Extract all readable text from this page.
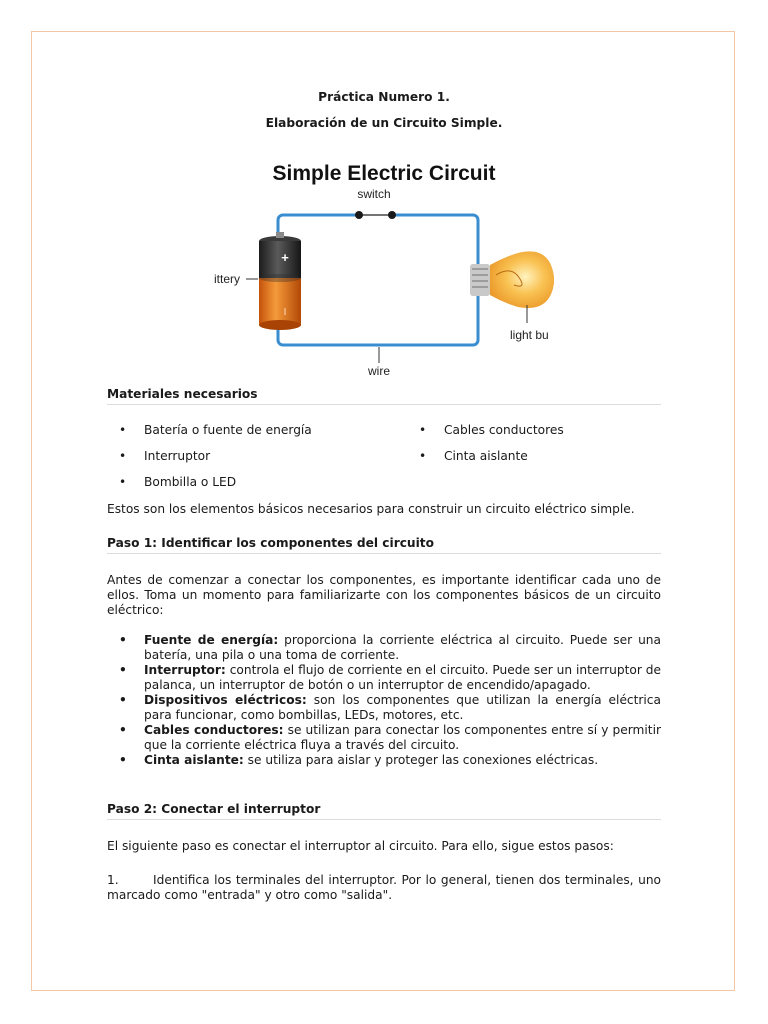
Práctica Numero 1.
Elaboración de un Circuito Simple.
Simple Electric Circuit
switch
+
I
ittery
light bu
wire
Materiales necesarios
• Batería o fuente de energía	• Cables conductores
• Interruptor	• Cinta aislante
• Bombilla o LED
Estos son los elementos básicos necesarios para construir un circuito eléctrico simple.
Paso 1: Identificar los componentes del circuito
Antes de comenzar a conectar los componentes, es importante identificar cada uno de ellos. Toma un momento para familiarizarte con los componentes básicos de un circuito eléctrico:
• Fuente de energía: proporciona la corriente eléctrica al circuito. Puede ser una batería, una pila o una toma de corriente.
• Interruptor: controla el flujo de corriente en el circuito. Puede ser un interruptor de palanca, un interruptor de botón o un interruptor de encendido/apagado.
• Dispositivos eléctricos: son los componentes que utilizan la energía eléctrica para funcionar, como bombillas, LEDs, motores, etc.
• Cables conductores: se utilizan para conectar los componentes entre sí y permitir que la corriente eléctrica fluya a través del circuito.
• Cinta aislante: se utiliza para aislar y proteger las conexiones eléctricas.
Paso 2: Conectar el interruptor
El siguiente paso es conectar el interruptor al circuito. Para ello, sigue estos pasos:
1.	Identifica los terminales del interruptor. Por lo general, tienen dos terminales, uno marcado como "entrada" y otro como "salida".
